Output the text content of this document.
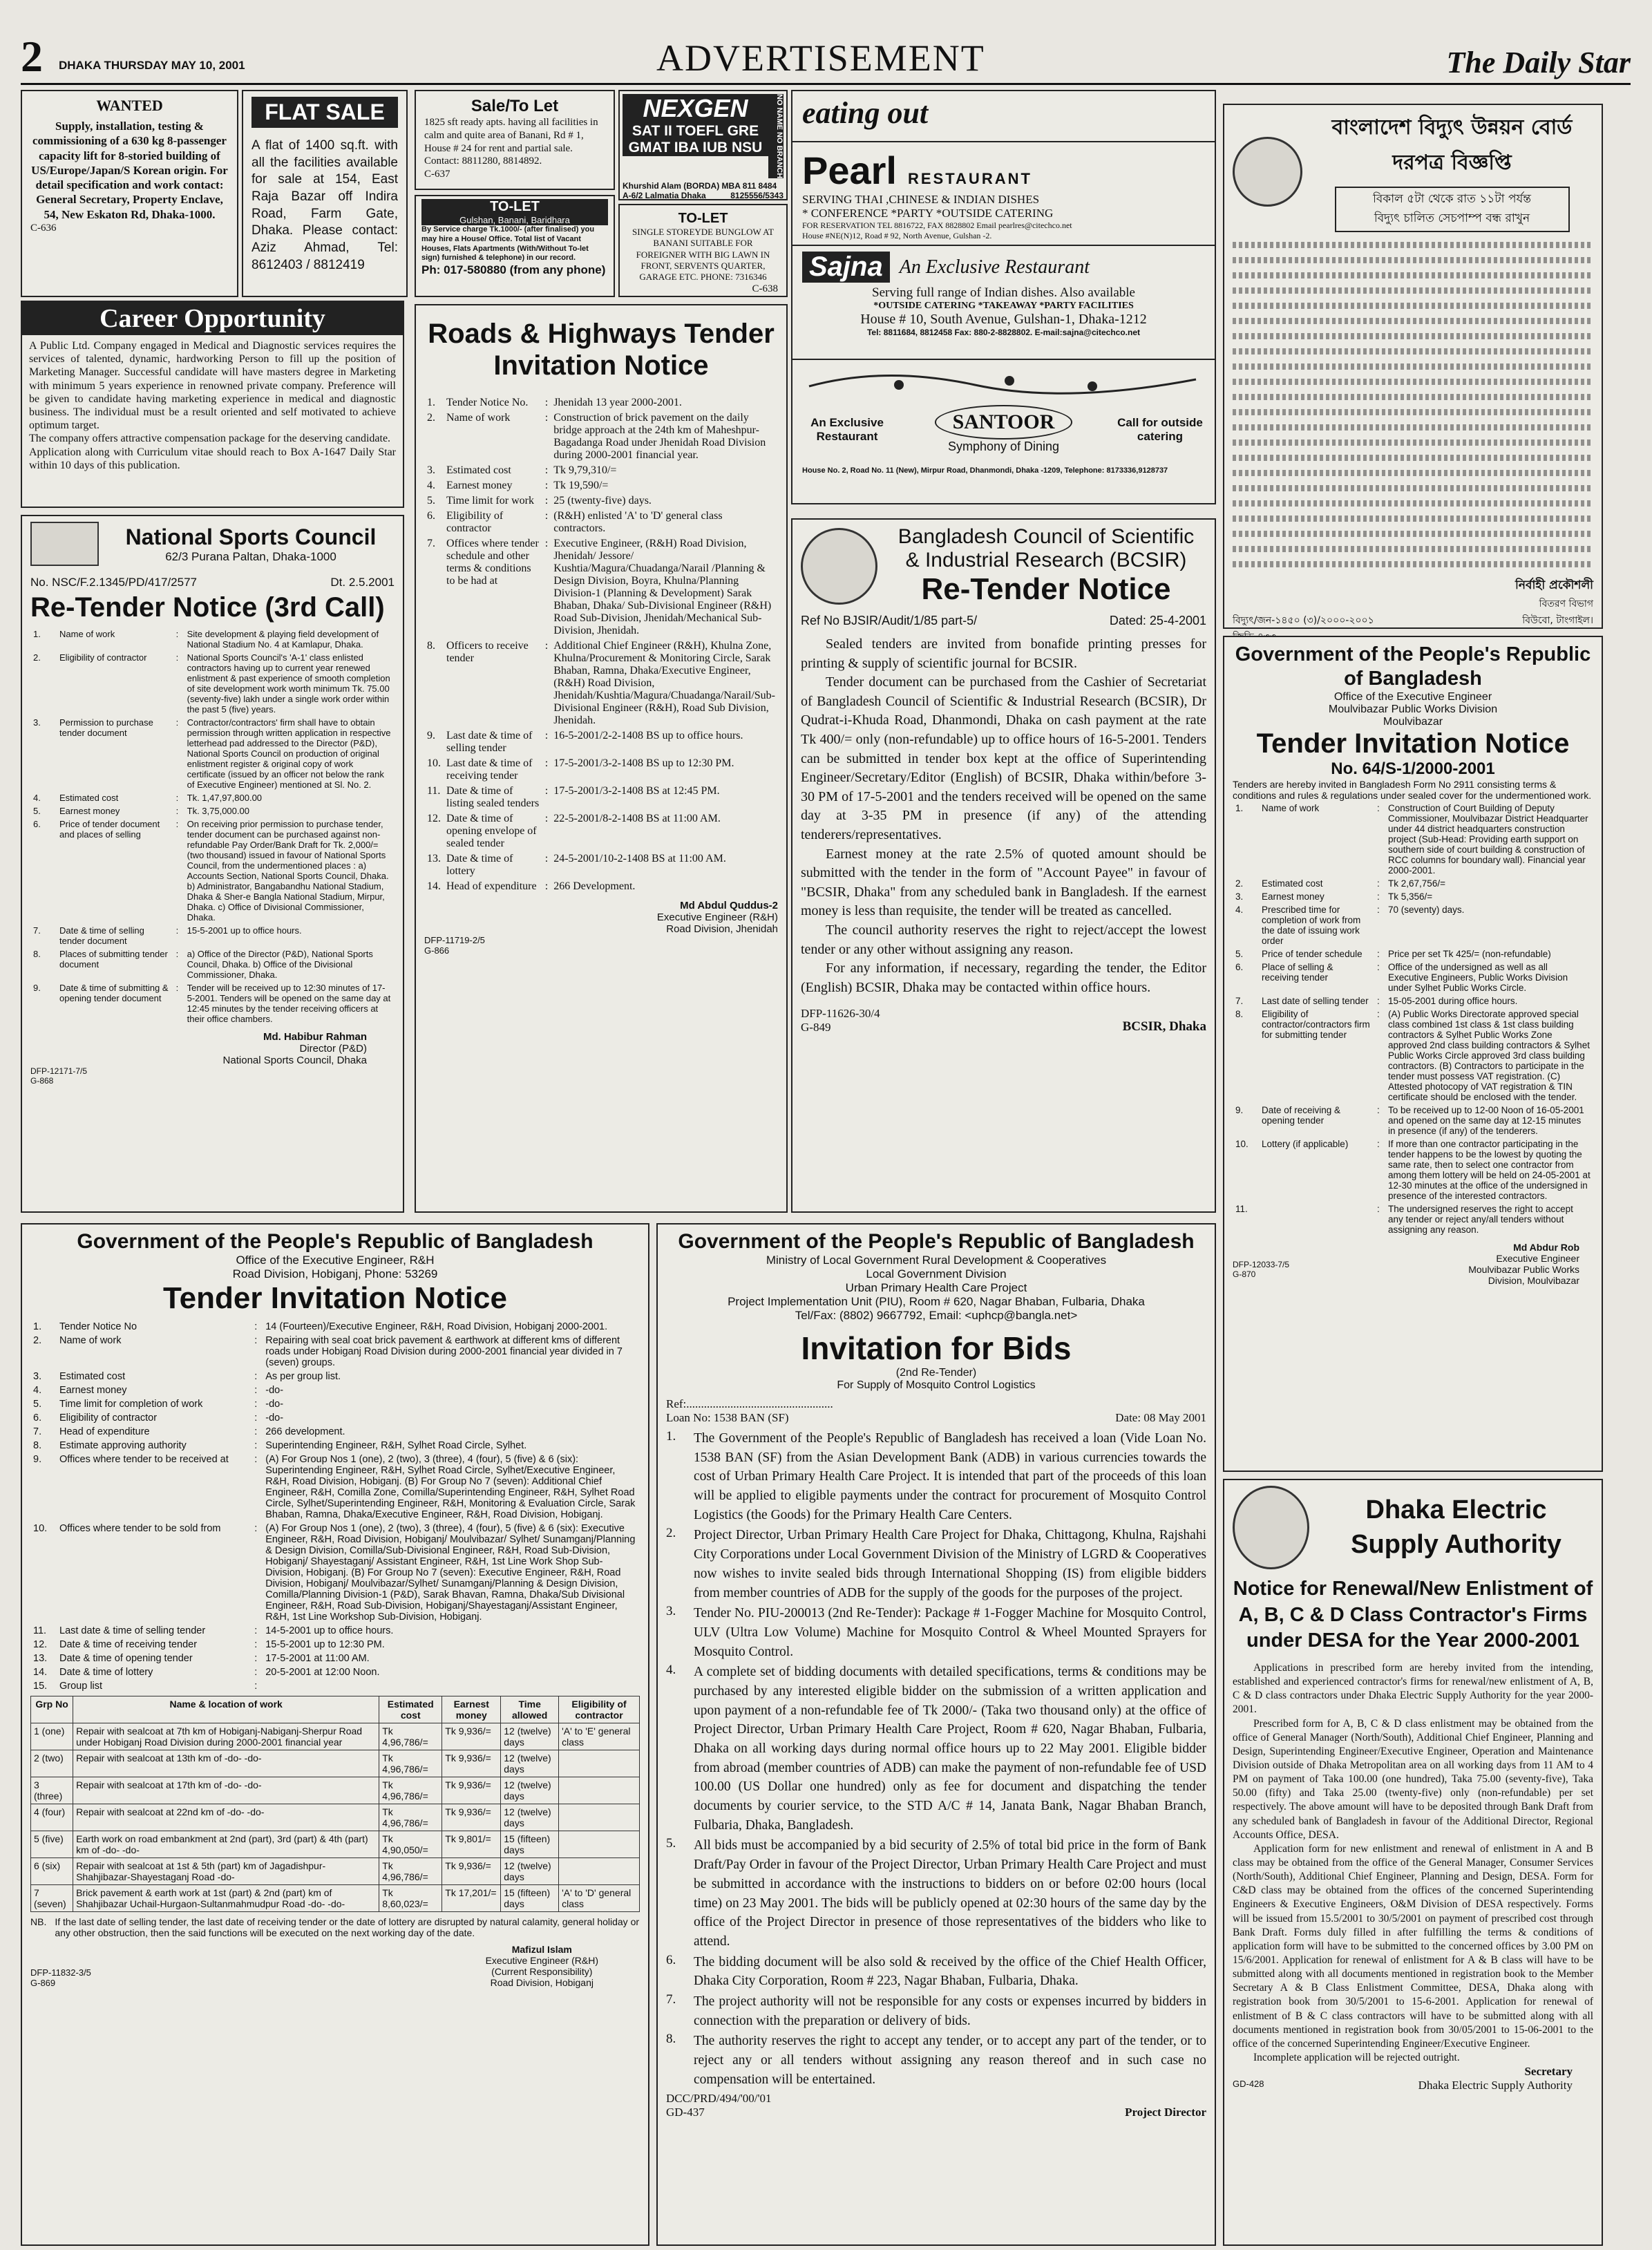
2 DHAKA THURSDAY MAY 10, 2001	ADVERTISEMENT	The Daily Star
WANTED
Supply, installation, testing & commissioning of a 630 kg 8-passenger capacity lift for 8-storied building of US/Europe/Japan/S Korean origin. For detail specification and work contact: General Secretary, Property Enclave, 54, New Eskaton Rd, Dhaka-1000.
C-636
FLAT SALE
A flat of 1400 sq.ft. with all the facilities available for sale at 154, East Raja Bazar off Indira Road, Farm Gate, Dhaka. Please contact: Aziz Ahmad, Tel: 8612403 / 8812419
Sale/To Let
1825 sft ready apts. having all facilities in calm and quite area of Banani, Rd # 1, House # 24 for rent and partial sale. Contact: 8811280, 8814892.
C-637
TO-LET
Gulshan, Banani, Baridhara
By Service charge Tk.1000/- (after finalised) you may hire a House/ Office. Total list of Vacant Houses, Flats Apartments (With/Without To-let sign) furnished & telephone) in our record.
Ph: 017-580880 (from any phone)
NEXGEN
SAT II TOEFL GRE
GMAT IBA IUB NSU	NO NAME NO BRANCH
Khurshid Alam (BORDA) MBA 811 8484
A-6/2 Lalmatia Dhaka	8125556/5343
TO-LET
SINGLE STOREYDE BUNGLOW AT BANANI SUITABLE FOR FOREIGNER WITH BIG LAWN IN FRONT, SERVENTS QUARTER, GARAGE ETC. PHONE: 7316346
C-638
eating out
Pearl RESTAURANT
SERVING THAI ,CHINESE & INDIAN DISHES
* CONFERENCE *PARTY *OUTSIDE CATERING
FOR RESERVATION TEL 8816722, FAX 8828802 Email pearlres@citechco.net
House #NE(N)12, Road # 92, North Avenue, Gulshan -2.
Sajna An Exclusive Restaurant
Serving full range of Indian dishes. Also available
*OUTSIDE CATERING *TAKEAWAY *PARTY FACILITIES
House # 10, South Avenue, Gulshan-1, Dhaka-1212
Tel: 8811684, 8812458 Fax: 880-2-8828802. E-mail:sajna@citechco.net
An Exclusive Restaurant
SANTOOR
Symphony of Dining
Call for outside catering
House No. 2, Road No. 11 (New), Mirpur Road, Dhanmondi, Dhaka -1209, Telephone: 8173336,9128737
বাংলাদেশ বিদ্যুৎ উন্নয়ন বোর্ড
দরপত্র বিজ্ঞপ্তি
বিকাল ৫টা থেকে রাত ১১টা পর্যন্ত
বিদ্যুৎ চালিত সেচপাম্প বন্ধ রাখুন
নির্বাহী প্রকৌশলী
বিতরণ বিভাগ
বিদ্যুৎ/জন-১৪৫০ (৩)/২০০০-২০০১	বিউবো, টাংগাইল।
Career Opportunity
A Public Ltd. Company engaged in Medical and Diagnostic services requires the services of talented, dynamic, hardworking Person to fill up the position of Marketing Manager. Successful candidate will have masters degree in Marketing with minimum 5 years experience in renowned private company. Preference will be given to candidate having marketing experience in medical and diagnostic business. The individual must be a result oriented and self motivated to achieve optimum target.
The company offers attractive compensation package for the deserving candidate.
Application along with Curriculum vitae should reach to Box A-1647 Daily Star within 10 days of this publication.
National Sports Council
62/3 Purana Paltan, Dhaka-1000
No. NSC/F.2.1345/PD/417/2577	Dt. 2.5.2001
Re-Tender Notice (3rd Call)
1.	Name of work	:	Site development & playing field development of National Stadium No. 4 at Kamlapur, Dhaka.
2.	Eligibility of contractor	:	National Sports Council's 'A-1' class enlisted contractors having up to current year renewed enlistment & past experience of smooth completion of site development work worth minimum Tk. 75.00 (seventy-five) lakh under a single work order within the past 5 (five) years.
3.	Permission to purchase tender document	:	Contractor/contractors' firm shall have to obtain permission through written application in respective letterhead pad addressed to the Director (P&D), National Sports Council on production of original enlistment register & original copy of work certificate (issued by an officer not below the rank of Executive Engineer) mentioned at Sl. No. 2.
4.	Estimated cost	:	Tk. 1,47,97,800.00
5.	Earnest money	:	Tk. 3,75,000.00
6.	Price of tender document and places of selling	:	On receiving prior permission to purchase tender, tender document can be purchased against non-refundable Pay Order/Bank Draft for Tk. 2,000/= (two thousand) issued in favour of National Sports Council, from the undermentioned places : a) Accounts Section, National Sports Council, Dhaka. b) Administrator, Bangabandhu National Stadium, Dhaka & Sher-e Bangla National Stadium, Mirpur, Dhaka. c) Office of Divisional Commissioner, Dhaka.
7.	Date & time of selling tender document	:	15-5-2001 up to office hours.
8.	Places of submitting tender document	:	a) Office of the Director (P&D), National Sports Council, Dhaka. b) Office of the Divisional Commissioner, Dhaka.
9.	Date & time of submitting & opening tender document	:	Tender will be received up to 12:30 minutes of 17-5-2001. Tenders will be opened on the same day at 12:45 minutes by the tender receiving officers at their office chambers.
Md. Habibur Rahman
Director (P&D)
National Sports Council, Dhaka
DFP-12171-7/5
G-868
Roads & Highways Tender Invitation Notice
1.	Tender Notice No.	:	Jhenidah 13 year 2000-2001.
2.	Name of work	:	Construction of brick pavement on the daily bridge approach at the 24th km of Maheshpur-Bagadanga Road under Jhenidah Road Division during 2000-2001 financial year.
3.	Estimated cost	:	Tk 9,79,310/=
4.	Earnest money	:	Tk 19,590/=
5.	Time limit for work	:	25 (twenty-five) days.
6.	Eligibility of contractor	:	(R&H) enlisted 'A' to 'D' general class contractors.
7.	Offices where tender schedule and other terms & conditions to be had at	:	Executive Engineer, (R&H) Road Division, Jhenidah/ Jessore/ Kushtia/Magura/Chuadanga/Narail /Planning & Design Division, Boyra, Khulna/Planning Division-1 (Planning & Development) Sarak Bhaban, Dhaka/ Sub-Divisional Engineer (R&H) Road Sub-Division, Jhenidah/Mechanical Sub-Division, Jhenidah.
8.	Officers to receive tender	:	Additional Chief Engineer (R&H), Khulna Zone, Khulna/Procurement & Monitoring Circle, Sarak Bhaban, Ramna, Dhaka/Executive Engineer, (R&H) Road Division, Jhenidah/Kushtia/Magura/Chuadanga/Narail/Sub-Divisional Engineer (R&H), Road Sub Division, Jhenidah.
9.	Last date & time of selling tender	:	16-5-2001/2-2-1408 BS up to office hours.
10.	Last date & time of receiving tender	:	17-5-2001/3-2-1408 BS up to 12:30 PM.
11.	Date & time of listing sealed tenders	:	17-5-2001/3-2-1408 BS at 12:45 PM.
12.	Date & time of opening envelope of sealed tender	:	22-5-2001/8-2-1408 BS at 11:00 AM.
13.	Date & time of lottery	:	24-5-2001/10-2-1408 BS at 11:00 AM.
14.	Head of expenditure	:	266 Development.
Md Abdul Quddus-2
Executive Engineer (R&H)
Road Division, Jhenidah
DFP-11719-2/5
G-866
Bangladesh Council of Scientific
& Industrial Research (BCSIR)
Re-Tender Notice
Ref No BJSIR/Audit/1/85 part-5/	Dated: 25-4-2001
Sealed tenders are invited from bonafide printing presses for printing & supply of scientific journal for BCSIR.
Tender document can be purchased from the Cashier of Secretariat of Bangladesh Council of Scientific & Industrial Research (BCSIR), Dr Qudrat-i-Khuda Road, Dhanmondi, Dhaka on cash payment at the rate Tk 400/= only (non-refundable) up to office hours of 16-5-2001. Tenders can be submitted in tender box kept at the office of Superintending Engineer/Secretary/Editor (English) of BCSIR, Dhaka within/before 3-30 PM of 17-5-2001 and the tenders received will be opened on the same day at 3-35 PM in presence (if any) of the attending tenderers/representatives.
Earnest money at the rate 2.5% of quoted amount should be submitted with the tender in the form of "Account Payee" in favour of "BCSIR, Dhaka" from any scheduled bank in Bangladesh. If the earnest money is less than requisite, the tender will be treated as cancelled.
The council authority reserves the right to reject/accept the lowest tender or any other without assigning any reason.
For any information, if necessary, regarding the tender, the Editor (English) BCSIR, Dhaka may be contacted within office hours.
DFP-11626-30/4
G-849	BCSIR, Dhaka
Government of the People's Republic of Bangladesh
Office of the Executive Engineer
Moulvibazar Public Works Division
Moulvibazar
Tender Invitation Notice
No. 64/S-1/2000-2001
Tenders are hereby invited in Bangladesh Form No 2911 consisting terms & conditions and rules & regulations under sealed cover for the undermentioned work.
1.	Name of work	:	Construction of Court Building of Deputy Commissioner, Moulvibazar District Headquarter under 44 district headquarters construction project (Sub-Head: Providing earth support on southern side of court building & construction of RCC columns for boundary wall). Financial year 2000-2001.
2.	Estimated cost	:	Tk 2,67,756/=
3.	Earnest money	:	Tk 5,356/=
4.	Prescribed time for completion of work from the date of issuing work order	:	70 (seventy) days.
5.	Price of tender schedule	:	Price per set Tk 425/= (non-refundable)
6.	Place of selling & receiving tender	:	Office of the undersigned as well as all Executive Engineers, Public Works Division under Sylhet Public Works Circle.
7.	Last date of selling tender	:	15-05-2001 during office hours.
8.	Eligibility of contractor/contractors firm for submitting tender	:	(A) Public Works Directorate approved special class combined 1st class & 1st class building contractors & Sylhet Public Works Zone approved 2nd class building contractors & Sylhet Public Works Circle approved 3rd class building contractors. (B) Contractors to participate in the tender must possess VAT registration. (C) Attested photocopy of VAT registration & TIN certificate should be enclosed with the tender.
9.	Date of receiving & opening tender	:	To be received up to 12-00 Noon of 16-05-2001 and opened on the same day at 12-15 minutes in presence (if any) of the tenderers.
10.	Lottery (if applicable)	:	If more than one contractor participating in the tender happens to be the lowest by quoting the same rate, then to select one contractor from among them lottery will be held on 24-05-2001 at 12-30 minutes at the office of the undersigned in presence of the interested contractors.
11.		:	The undersigned reserves the right to accept any tender or reject any/all tenders without assigning any reason.
Md Abdur Rob
Executive Engineer
Moulvibazar Public Works
Division, Moulvibazar
DFP-12033-7/5
G-870
Government of the People's Republic of Bangladesh
Office of the Executive Engineer, R&H
Road Division, Hobiganj, Phone: 53269
Tender Invitation Notice
1.	Tender Notice No	:	14 (Fourteen)/Executive Engineer, R&H, Road Division, Hobiganj 2000-2001.
2.	Name of work	:	Repairing with seal coat brick pavement & earthwork at different kms of different roads under Hobiganj Road Division during 2000-2001 financial year divided in 7 (seven) groups.
3.	Estimated cost	:	As per group list.
4.	Earnest money	:	-do-
5.	Time limit for completion of work	:	-do-
6.	Eligibility of contractor	:	-do-
7.	Head of expenditure	:	266 development.
8.	Estimate approving authority	:	Superintending Engineer, R&H, Sylhet Road Circle, Sylhet.
9.	Offices where tender to be received at	:	(A) For Group Nos 1 (one), 2 (two), 3 (three), 4 (four), 5 (five) & 6 (six): Superintending Engineer, R&H, Sylhet Road Circle, Sylhet/Executive Engineer, R&H, Road Division, Hobiganj. (B) For Group No 7 (seven): Additional Chief Engineer, R&H, Comilla Zone, Comilla/Superintending Engineer, R&H, Sylhet Road Circle, Sylhet/Superintending Engineer, R&H, Monitoring & Evaluation Circle, Sarak Bhaban, Ramna, Dhaka/Executive Engineer, R&H, Road Division, Hobiganj.
10.	Offices where tender to be sold from	:	(A) For Group Nos 1 (one), 2 (two), 3 (three), 4 (four), 5 (five) & 6 (six): Executive Engineer, R&H, Road Division, Hobiganj/ Moulvibazar/ Sylhet/ Sunamganj/Planning & Design Division, Comilla/Sub-Divisional Engineer, R&H, Road Sub-Division, Hobiganj/ Shayestaganj/ Assistant Engineer, R&H, 1st Line Work Shop Sub-Division, Hobiganj. (B) For Group No 7 (seven): Executive Engineer, R&H, Road Division, Hobiganj/ Moulvibazar/Sylhet/ Sunamganj/Planning & Design Division, Comilla/Planning Division-1 (P&D), Sarak Bhavan, Ramna, Dhaka/Sub Divisional Engineer, R&H, Road Sub-Division, Hobiganj/Shayestaganj/Assistant Engineer, R&H, 1st Line Workshop Sub-Division, Hobiganj.
11.	Last date & time of selling tender	:	14-5-2001 up to office hours.
12.	Date & time of receiving tender	:	15-5-2001 up to 12:30 PM.
13.	Date & time of opening tender	:	17-5-2001 at 11:00 AM.
14.	Date & time of lottery	:	20-5-2001 at 12:00 Noon.
15.	Group list	:	
Grp No	Name & location of work	Estimated cost	Earnest money	Time allowed	Eligibility of contractor
1 (one)	Repair with sealcoat at 7th km of Hobiganj-Nabiganj-Sherpur Road under Hobiganj Road Division during 2000-2001 financial year	Tk 4,96,786/=	Tk 9,936/=	12 (twelve) days	'A' to 'E' general class
2 (two)	Repair with sealcoat at 13th km of -do- -do-	Tk 4,96,786/=	Tk 9,936/=	12 (twelve) days	
3 (three)	Repair with sealcoat at 17th km of -do- -do-	Tk 4,96,786/=	Tk 9,936/=	12 (twelve) days	
4 (four)	Repair with sealcoat at 22nd km of -do- -do-	Tk 4,96,786/=	Tk 9,936/=	12 (twelve) days	
5 (five)	Earth work on road embankment at 2nd (part), 3rd (part) & 4th (part) km of -do- -do-	Tk 4,90,050/=	Tk 9,801/=	15 (fifteen) days	
6 (six)	Repair with sealcoat at 1st & 5th (part) km of Jagadishpur-Shahjibazar-Shayestaganj Road -do-	Tk 4,96,786/=	Tk 9,936/=	12 (twelve) days	
7 (seven)	Brick pavement & earth work at 1st (part) & 2nd (part) km of Shahjibazar Uchail-Hurgaon-Sultanmahmudpur Road -do- -do-	Tk 8,60,023/=	Tk 17,201/=	15 (fifteen) days	'A' to 'D' general class
NB. If the last date of selling tender, the last date of receiving tender or the date of lottery are disrupted by natural calamity, general holiday or any other obstruction, then the said functions will be executed on the next working day of the date.
DFP-11832-3/5
G-869
Mafizul Islam
Executive Engineer (R&H)
(Current Responsibility)
Road Division, Hobiganj
Government of the People's Republic of Bangladesh
Ministry of Local Government Rural Development & Cooperatives
Local Government Division
Urban Primary Health Care Project
Project Implementation Unit (PIU), Room # 620, Nagar Bhaban, Fulbaria, Dhaka
Tel/Fax: (8802) 9667792, Email: <uphcp@bangla.net>
Invitation for Bids
(2nd Re-Tender)
For Supply of Mosquito Control Logistics
Ref:..................................................
Loan No: 1538 BAN (SF)	Date: 08 May 2001
1.	The Government of the People's Republic of Bangladesh has received a loan (Vide Loan No. 1538 BAN (SF) from the Asian Development Bank (ADB) in various currencies towards the cost of Urban Primary Health Care Project. It is intended that part of the proceeds of this loan will be applied to eligible payments under the contract for procurement of Mosquito Control Logistics (the Goods) for the Primary Health Care Centers.
2.	Project Director, Urban Primary Health Care Project for Dhaka, Chittagong, Khulna, Rajshahi City Corporations under Local Government Division of the Ministry of LGRD & Cooperatives now wishes to invite sealed bids through International Shopping (IS) from eligible bidders from member countries of ADB for the supply of the goods for the purposes of the project.
3.	Tender No. PIU-200013 (2nd Re-Tender): Package # 1-Fogger Machine for Mosquito Control, ULV (Ultra Low Volume) Machine for Mosquito Control & Wheel Mounted Sprayers for Mosquito Control.
4.	A complete set of bidding documents with detailed specifications, terms & conditions may be purchased by any interested eligible bidder on the submission of a written application and upon payment of a non-refundable fee of Tk 2000/- (Taka two thousand only) at the office of Project Director, Urban Primary Health Care Project, Room # 620, Nagar Bhaban, Fulbaria, Dhaka on all working days during normal office hours up to 22 May 2001. Eligible bidder from abroad (member countries of ADB) can make the payment of non-refundable fee of USD 100.00 (US Dollar one hundred) only as fee for document and dispatching the tender documents by courier service, to the STD A/C # 14, Janata Bank, Nagar Bhaban Branch, Fulbaria, Dhaka, Bangladesh.
5.	All bids must be accompanied by a bid security of 2.5% of total bid price in the form of Bank Draft/Pay Order in favour of the Project Director, Urban Primary Health Care Project and must be submitted in accordance with the instructions to bidders on or before 02:00 hours (local time) on 23 May 2001. The bids will be publicly opened at 02:30 hours of the same day by the office of the Project Director in presence of those representatives of the bidders who like to attend.
6.	The bidding document will be also sold & received by the office of the Chief Health Officer, Dhaka City Corporation, Room # 223, Nagar Bhaban, Fulbaria, Dhaka.
7.	The project authority will not be responsible for any costs or expenses incurred by bidders in connection with the preparation or delivery of bids.
8.	The authority reserves the right to accept any tender, or to accept any part of the tender, or to reject any or all tenders without assigning any reason thereof and in such case no compensation will be entertained.
DCC/PRD/494/'00/'01
GD-437	Project Director
Dhaka Electric Supply Authority
Notice for Renewal/New Enlistment of A, B, C & D Class Contractor's Firms under DESA for the Year 2000-2001
Applications in prescribed form are hereby invited from the intending, established and experienced contractor's firms for renewal/new enlistment of A, B, C & D class contractors under Dhaka Electric Supply Authority for the year 2000-2001.
Prescribed form for A, B, C & D class enlistment may be obtained from the office of General Manager (North/South), Additional Chief Engineer, Planning and Design, Superintending Engineer/Executive Engineer, Operation and Maintenance Division outside of Dhaka Metropolitan area on all working days from 11 AM to 4 PM on payment of Taka 100.00 (one hundred), Taka 75.00 (seventy-five), Taka 50.00 (fifty) and Taka 25.00 (twenty-five) only (non-refundable) per set respectively. The above amount will have to be deposited through Bank Draft from any scheduled bank of Bangladesh in favour of the Additional Director, Regional Accounts Office, DESA.
Application form for new enlistment and renewal of enlistment in A and B class may be obtained from the office of the General Manager, Consumer Services (North/South), Additional Chief Engineer, Planning and Design, DESA. Form for C&D class may be obtained from the offices of the concerned Superintending Engineers & Executive Engineers, O&M Division of DESA respectively. Forms will be issued from 15.5/2001 to 30/5/2001 on payment of prescribed cost through Bank Draft. Forms duly filled in after fulfilling the terms & conditions of application form will have to be submitted to the concerned offices by 3.00 PM on 15/6/2001. Application for renewal of enlistment for A & B class will have to be submitted along with all documents mentioned in registration book to the Member Secretary A & B Class Enlistment Committee, DESA, Dhaka along with registration book from 30/5/2001 to 15-6-2001. Application for renewal of enlistment of B & C class contractors will have to be submitted along with all documents mentioned in registration book from 30/05/2001 to 15-06-2001 to the office of the concerned Superintending Engineer/Executive Engineer.
Incomplete application will be rejected outright.
Secretary
Dhaka Electric Supply Authority
GD-428
